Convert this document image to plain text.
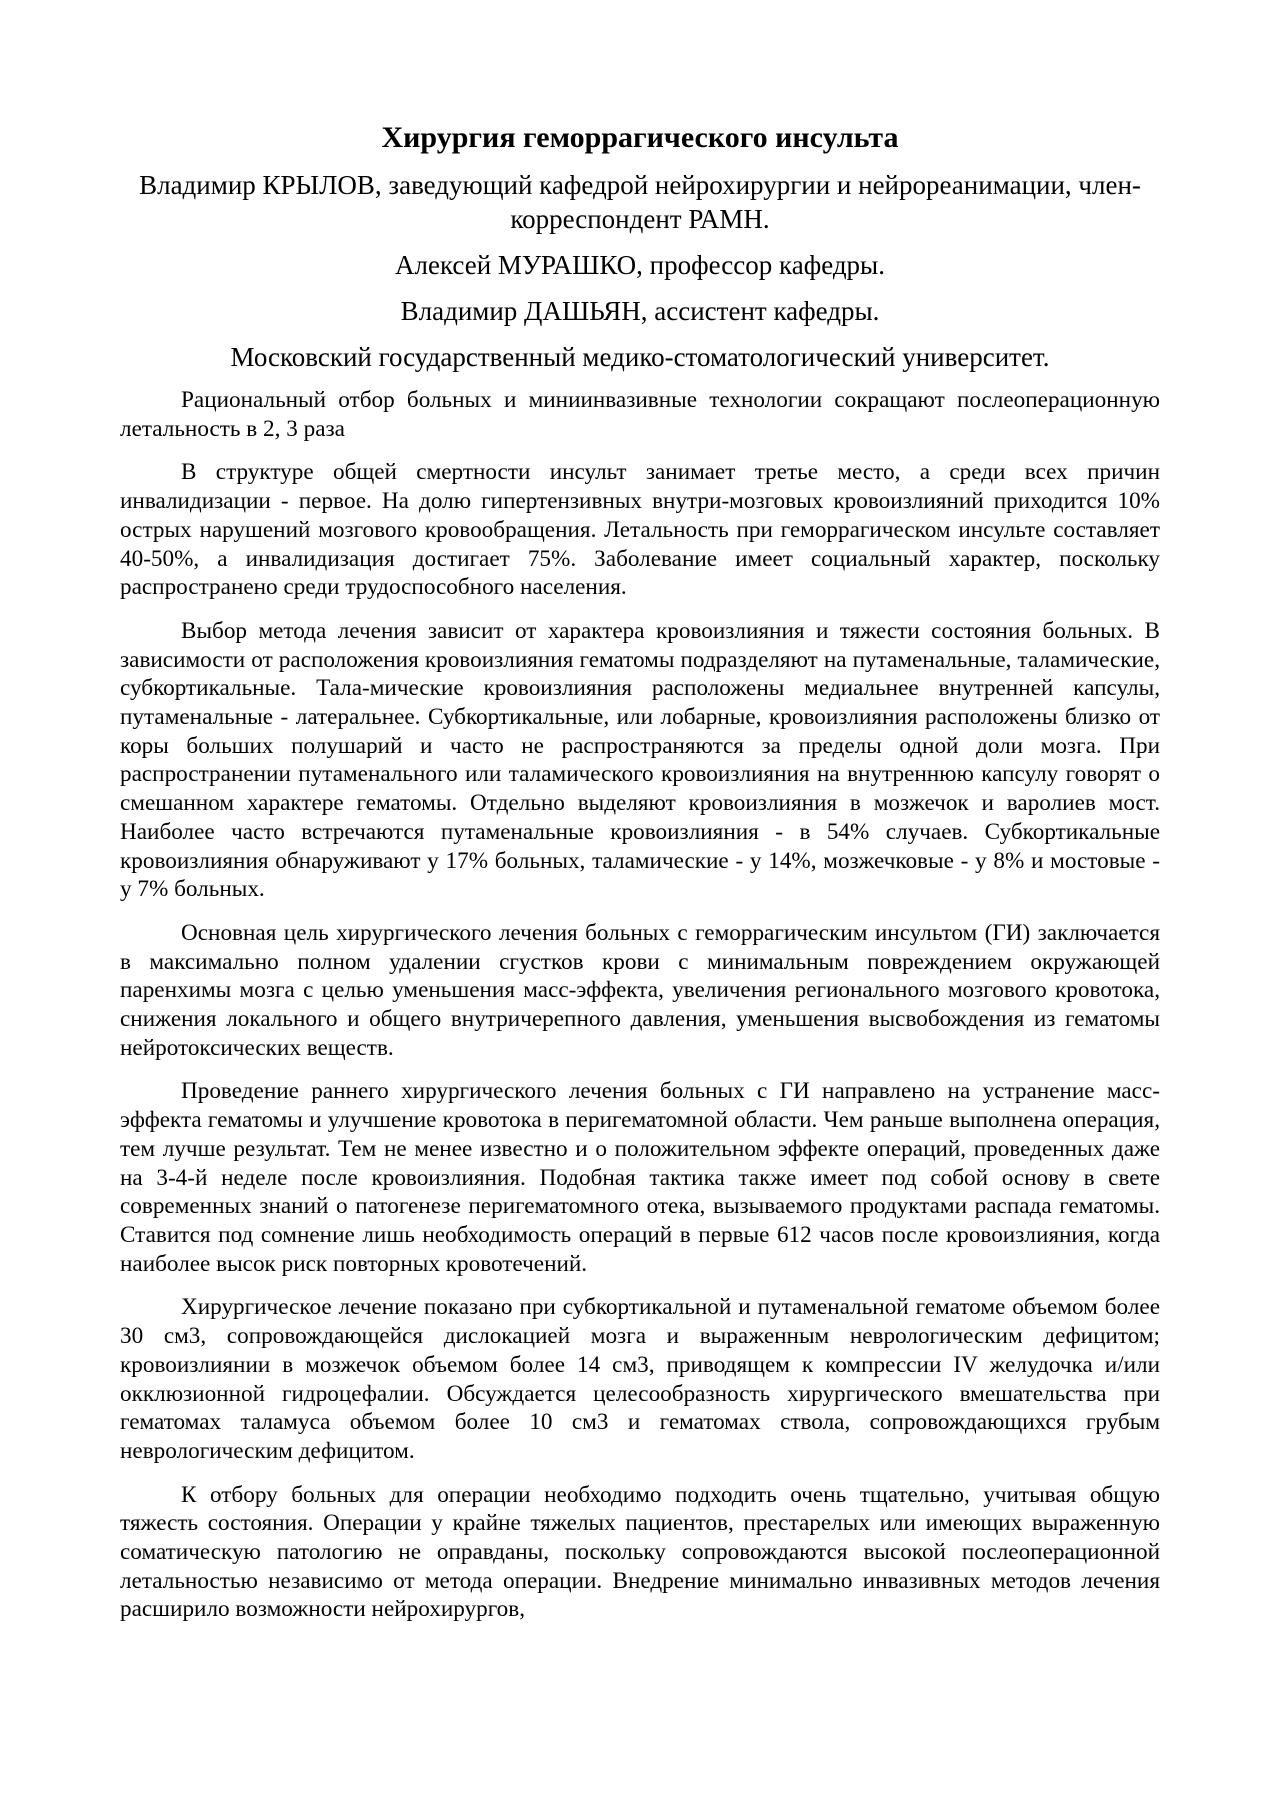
Хирургия геморрагического инсульта

Владимир КРЫЛОВ, заведующий кафедрой нейрохирургии и нейрореанимации, член-корреспондент РАМН.

Алексей МУРАШКО, профессор кафедры.

Владимир ДАШЬЯН, ассистент кафедры.

Московский государственный медико-стоматологический университет.

Рациональный отбор больных и миниинвазивные технологии сокращают послеоперационную летальность в 2, 3 раза

В структуре общей смертности инсульт занимает третье место, а среди всех причин инвалидизации - первое. На долю гипертензивных внутри-мозговых кровоизлияний приходится 10% острых нарушений мозгового кровообращения. Летальность при геморрагическом инсульте составляет 40-50%, а инвалидизация достигает 75%. Заболевание имеет социальный характер, поскольку распространено среди трудоспособного населения.

Выбор метода лечения зависит от характера кровоизлияния и тяжести состояния больных. В зависимости от расположения кровоизлияния гематомы подразделяют на путаменальные, таламические, субкортикальные. Тала-мические кровоизлияния расположены медиальнее внутренней капсулы, путаменальные - латеральнее. Субкортикальные, или лобарные, кровоизлияния расположены близко от коры больших полушарий и часто не распространяются за пределы одной доли мозга. При распространении путаменального или таламического кровоизлияния на внутреннюю капсулу говорят о смешанном характере гематомы. Отдельно выделяют кровоизлияния в мозжечок и варолиев мост. Наиболее часто встречаются путаменальные кровоизлияния - в 54% случаев. Субкортикальные кровоизлияния обнаруживают у 17% больных, таламические - у 14%, мозжечковые - у 8% и мостовые - у 7% больных.

Основная цель хирургического лечения больных с геморрагическим инсультом (ГИ) заключается в максимально полном удалении сгустков крови с минимальным повреждением окружающей паренхимы мозга с целью уменьшения масс-эффекта, увеличения регионального мозгового кровотока, снижения локального и общего внутричерепного давления, уменьшения высвобождения из гематомы нейротоксических веществ.

Проведение раннего хирургического лечения больных с ГИ направлено на устранение масс-эффекта гематомы и улучшение кровотока в перигематомной области. Чем раньше выполнена операция, тем лучше результат. Тем не менее известно и о положительном эффекте операций, проведенных даже на 3-4-й неделе после кровоизлияния. Подобная тактика также имеет под собой основу в свете современных знаний о патогенезе перигематомного отека, вызываемого продуктами распада гематомы. Ставится под сомнение лишь необходимость операций в первые 612 часов после кровоизлияния, когда наиболее высок риск повторных кровотечений.

Хирургическое лечение показано при субкортикальной и путаменальной гематоме объемом более 30 см3, сопровождающейся дислокацией мозга и выраженным неврологическим дефицитом; кровоизлиянии в мозжечок объемом более 14 см3, приводящем к компрессии IV желудочка и/или окклюзионной гидроцефалии. Обсуждается целесообразность хирургического вмешательства при гематомах таламуса объемом более 10 см3 и гематомах ствола, сопровождающихся грубым неврологическим дефицитом.

К отбору больных для операции необходимо подходить очень тщательно, учитывая общую тяжесть состояния. Операции у крайне тяжелых пациентов, престарелых или имеющих выраженную соматическую патологию не оправданы, поскольку сопровождаются высокой послеоперационной летальностью независимо от метода операции. Внедрение минимально инвазивных методов лечения расширило возможности нейрохирургов,
